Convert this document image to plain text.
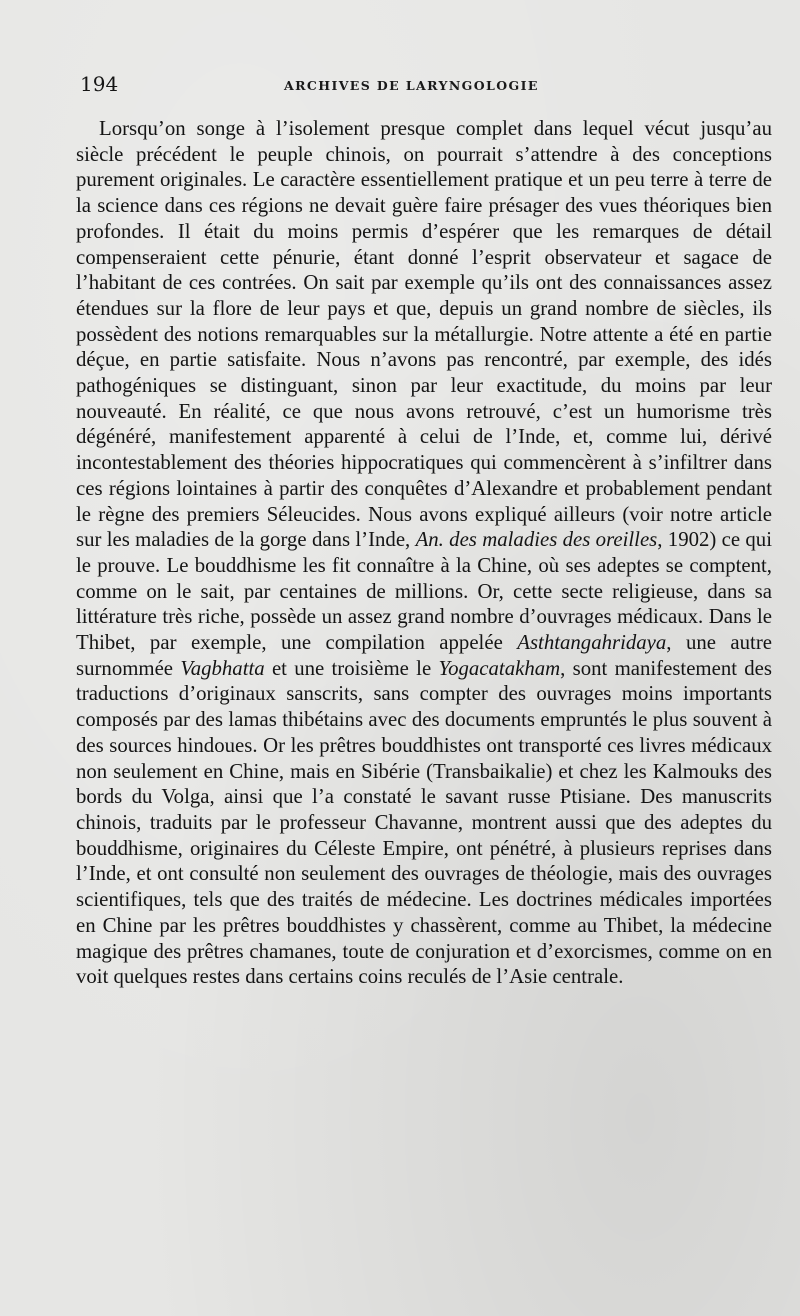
194	ARCHIVES DE LARYNGOLOGIE

Lorsqu’on songe à l’isolement presque complet dans lequel vécut jusqu’au siècle précédent le peuple chinois, on pourrait s’attendre à des conceptions purement originales. Le caractère essentiellement pratique et un peu terre à terre de la science dans ces régions ne devait guère faire présager des vues théoriques bien profondes. Il était du moins permis d’espérer que les remarques de détail compenseraient cette pénurie, étant donné l’esprit observateur et sagace de l’habitant de ces contrées. On sait par exemple qu’ils ont des connaissances assez étendues sur la flore de leur pays et que, depuis un grand nombre de siècles, ils possèdent des notions remarquables sur la métallurgie. Notre attente a été en partie déçue, en partie satisfaite. Nous n’avons pas rencontré, par exemple, des idés pathogéniques se distinguant, sinon par leur exactitude, du moins par leur nouveauté. En réalité, ce que nous avons retrouvé, c’est un humorisme très dégénéré, manifestement apparenté à celui de l’Inde, et, comme lui, dérivé incontestablement des théories hippocratiques qui commencèrent à s’infiltrer dans ces régions lointaines à partir des conquêtes d’Alexandre et probablement pendant le règne des premiers Séleucides. Nous avons expliqué ailleurs (voir notre article sur les maladies de la gorge dans l’Inde, An. des maladies des oreilles, 1902) ce qui le prouve. Le bouddhisme les fit connaître à la Chine, où ses adeptes se comptent, comme on le sait, par centaines de millions. Or, cette secte religieuse, dans sa littérature très riche, possède un assez grand nombre d’ouvrages médicaux. Dans le Thibet, par exemple, une compilation appelée Asthtangahridaya, une autre surnommée Vagbhatta et une troisième le Yogacatakham, sont manifestement des traductions d’originaux sanscrits, sans compter des ouvrages moins importants composés par des lamas thibétains avec des documents empruntés le plus souvent à des sources hindoues. Or les prêtres bouddhistes ont transporté ces livres médicaux non seulement en Chine, mais en Sibérie (Transbaikalie) et chez les Kalmouks des bords du Volga, ainsi que l’a constaté le savant russe Ptisiane. Des manuscrits chinois, traduits par le professeur Chavanne, montrent aussi que des adeptes du bouddhisme, originaires du Céleste Empire, ont pénétré, à plusieurs reprises dans l’Inde, et ont consulté non seulement des ouvrages de théologie, mais des ouvrages scientifiques, tels que des traités de médecine. Les doctrines médicales importées en Chine par les prêtres bouddhistes y chassèrent, comme au Thibet, la médecine magique des prêtres chamanes, toute de conjuration et d’exorcismes, comme on en voit quelques restes dans certains coins reculés de l’Asie centrale.
